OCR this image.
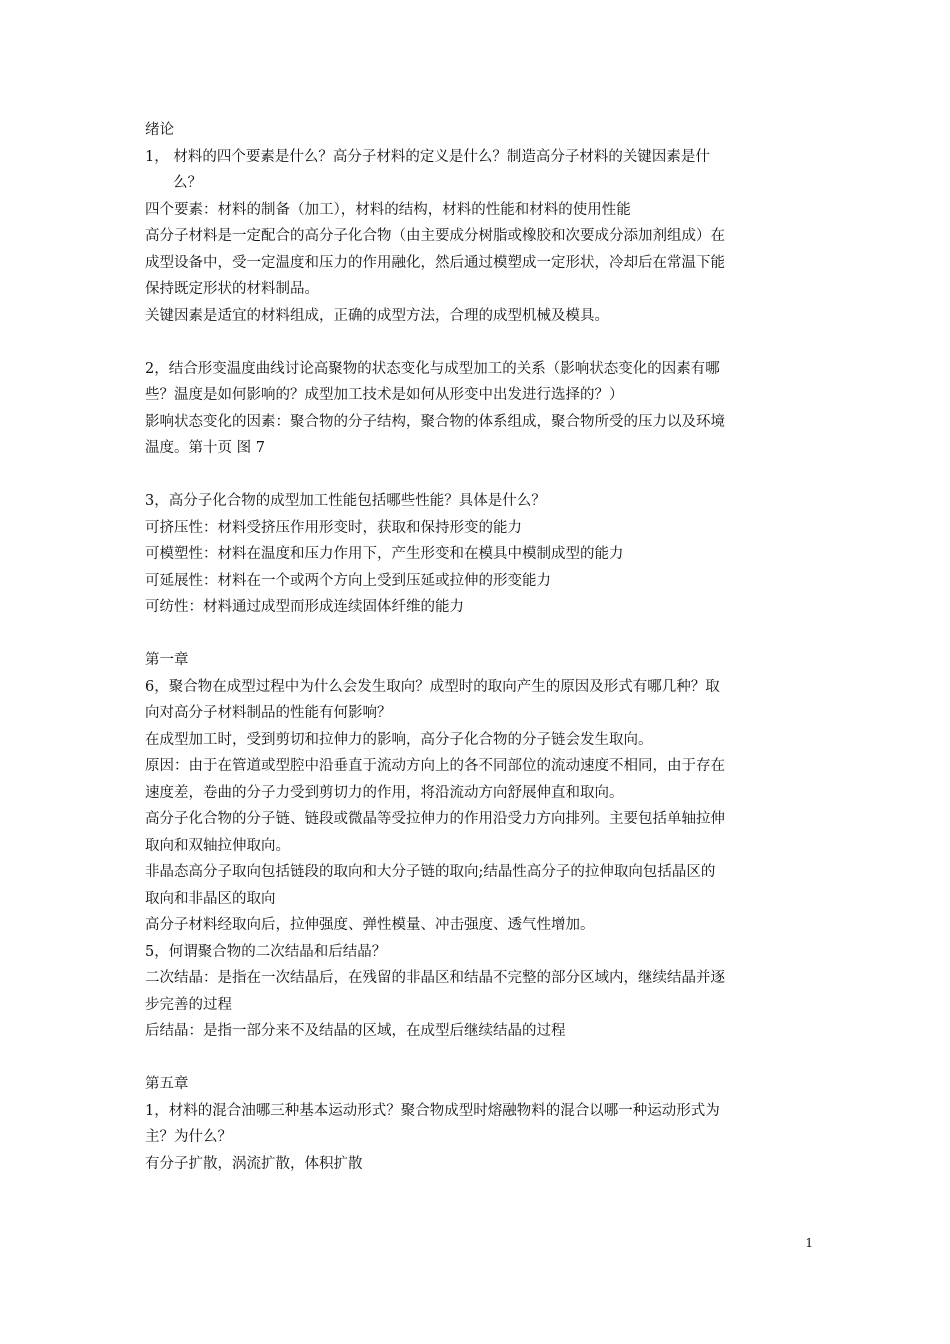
绪论
1， 材料的四个要素是什么？高分子材料的定义是什么？制造高分子材料的关键因素是什
么？
四个要素：材料的制备（加工），材料的结构，材料的性能和材料的使用性能
高分子材料是一定配合的高分子化合物（由主要成分树脂或橡胶和次要成分添加剂组成）在
成型设备中，受一定温度和压力的作用融化，然后通过模塑成一定形状，冷却后在常温下能
保持既定形状的材料制品。
关键因素是适宜的材料组成，正确的成型方法，合理的成型机械及模具。
2，结合形变温度曲线讨论高聚物的状态变化与成型加工的关系（影响状态变化的因素有哪
些？温度是如何影响的？成型加工技术是如何从形变中出发进行选择的？）
影响状态变化的因素：聚合物的分子结构，聚合物的体系组成，聚合物所受的压力以及环境
温度。第十页 图 7
3，高分子化合物的成型加工性能包括哪些性能？具体是什么？
可挤压性：材料受挤压作用形变时，获取和保持形变的能力
可模塑性：材料在温度和压力作用下，产生形变和在模具中模制成型的能力
可延展性：材料在一个或两个方向上受到压延或拉伸的形变能力
可纺性：材料通过成型而形成连续固体纤维的能力
第一章
6，聚合物在成型过程中为什么会发生取向？成型时的取向产生的原因及形式有哪几种？取
向对高分子材料制品的性能有何影响？
在成型加工时，受到剪切和拉伸力的影响，高分子化合物的分子链会发生取向。
原因：由于在管道或型腔中沿垂直于流动方向上的各不同部位的流动速度不相同，由于存在
速度差，卷曲的分子力受到剪切力的作用，将沿流动方向舒展伸直和取向。
高分子化合物的分子链、链段或微晶等受拉伸力的作用沿受力方向排列。主要包括单轴拉伸
取向和双轴拉伸取向。
非晶态高分子取向包括链段的取向和大分子链的取向;结晶性高分子的拉伸取向包括晶区的
取向和非晶区的取向
高分子材料经取向后，拉伸强度、弹性模量、冲击强度、透气性增加。
5，何谓聚合物的二次结晶和后结晶？
二次结晶：是指在一次结晶后，在残留的非晶区和结晶不完整的部分区域内，继续结晶并逐
步完善的过程
后结晶：是指一部分来不及结晶的区域，在成型后继续结晶的过程
第五章
1，材料的混合油哪三种基本运动形式？聚合物成型时熔融物料的混合以哪一种运动形式为
主？为什么？
有分子扩散，涡流扩散，体积扩散
1
